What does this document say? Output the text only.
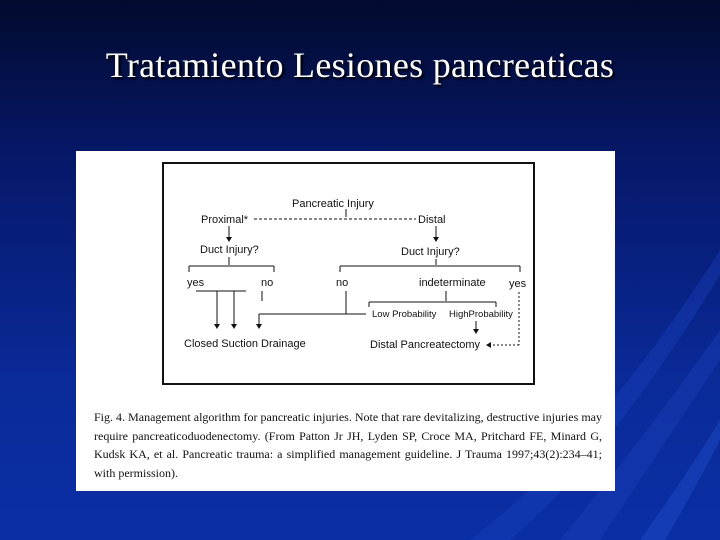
Tratamiento Lesiones pancreaticas
Pancreatic Injury
Proximal*	Distal
Duct Injury?	Duct Injury?
yes	no	no	indeterminate yes
Low Probability HighProbability
Closed Suction Drainage	Distal Pancreatectomy
Fig. 4. Management algorithm for pancreatic injuries. Note that rare devitalizing, destructive injuries may require pancreaticoduodenectomy. (From Patton Jr JH, Lyden SP, Croce MA, Pritchard FE, Minard G, Kudsk KA, et al. Pancreatic trauma: a simplified management guideline. J Trauma 1997;43(2):234–41; with permission).
